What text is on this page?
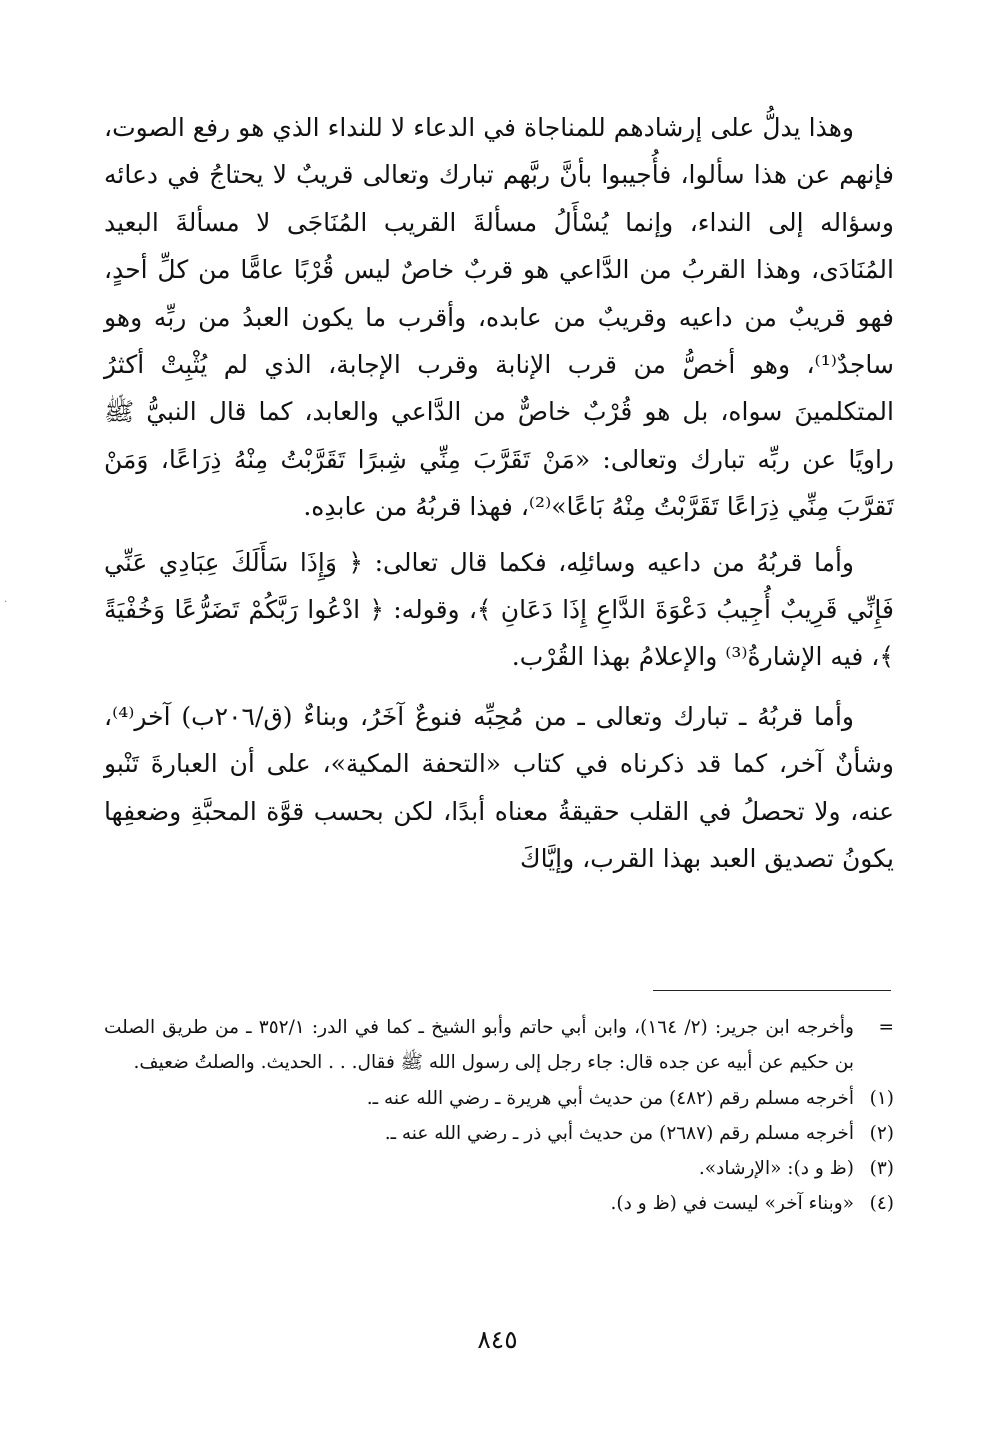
وهذا يدلُّ على إرشادهم للمناجاة في الدعاء لا للنداء الذي هو رفع الصوت، فإنهم عن هذا سألوا، فأُجيبوا بأنَّ ربَّهم تبارك وتعالى قريبٌ لا يحتاجُ في دعائه وسؤاله إلى النداء، وإنما يُسْأَلُ مسألةَ القريب المُنَاجَى لا مسألةَ البعيد المُنَادَى، وهذا القربُ من الدَّاعي هو قربٌ خاصٌ ليس قُرْبًا عامًّا من كلِّ أحدٍ، فهو قريبٌ من داعيه وقريبٌ من عابده، وأقرب ما يكون العبدُ من ربِّه وهو ساجدٌ⁽¹⁾، وهو أخصُّ من قرب الإنابة وقرب الإجابة، الذي لم يُثْبِتْ أكثرُ المتكلمينَ سواه، بل هو قُرْبٌ خاصٌّ من الدَّاعي والعابد، كما قال النبيُّ ﷺ راويًا عن ربِّه تبارك وتعالى: «مَنْ تَقَرَّبَ مِنِّي شِبرًا تَقَرَّبْتُ مِنْهُ ذِرَاعًا، وَمَنْ تَقرَّبَ مِنِّي ذِرَاعًا تَقَرَّبْتُ مِنْهُ بَاعًا»⁽²⁾، فهذا قربُهُ من عابدِه.

وأما قربُهُ من داعيه وسائلِه، فكما قال تعالى: ﴿ وَإِذَا سَأَلَكَ عِبَادِي عَنِّي فَإِنِّي قَرِيبٌ أُجِيبُ دَعْوَةَ الدَّاعِ إِذَا دَعَانِ ﴾، وقوله: ﴿ ادْعُوا رَبَّكُمْ تَضَرُّعًا وَخُفْيَةً ﴾، فيه الإشارةُ⁽³⁾ والإعلامُ بهذا القُرْب.

وأما قربُهُ ـ تبارك وتعالى ـ من مُحِبِّه فنوعٌ آخَرُ، وبناءٌ (ق/٢٠٦ب) آخر⁽⁴⁾، وشأنٌ آخر، كما قد ذكرناه في كتاب «التحفة المكية»، على أن العبارةَ تَنْبو عنه، ولا تحصلُ في القلب حقيقةُ معناه أبدًا، لكن بحسب قوَّة المحبَّةِ وضعفِها يكونُ تصديق العبد بهذا القرب، وإيَّاكَ

=
وأخرجه ابن جرير: (٢/ ١٦٤)، وابن أبي حاتم وأبو الشيخ ـ كما في الدر: ٣٥٢/١ ـ من طريق الصلت بن حكيم عن أبيه عن جده قال: جاء رجل إلى رسول الله ﷺ فقال. . . الحديث. والصلتُ ضعيف.
(١)
أخرجه مسلم رقم (٤٨٢) من حديث أبي هريرة ـ رضي الله عنه ـ.
(٢)
أخرجه مسلم رقم (٢٦٨٧) من حديث أبي ذر ـ رضي الله عنه ـ.
(٣)
(ظ و د): «الإرشاد».
(٤)
«وبناء آخر» ليست في (ظ و د).
٨٤٥
·
